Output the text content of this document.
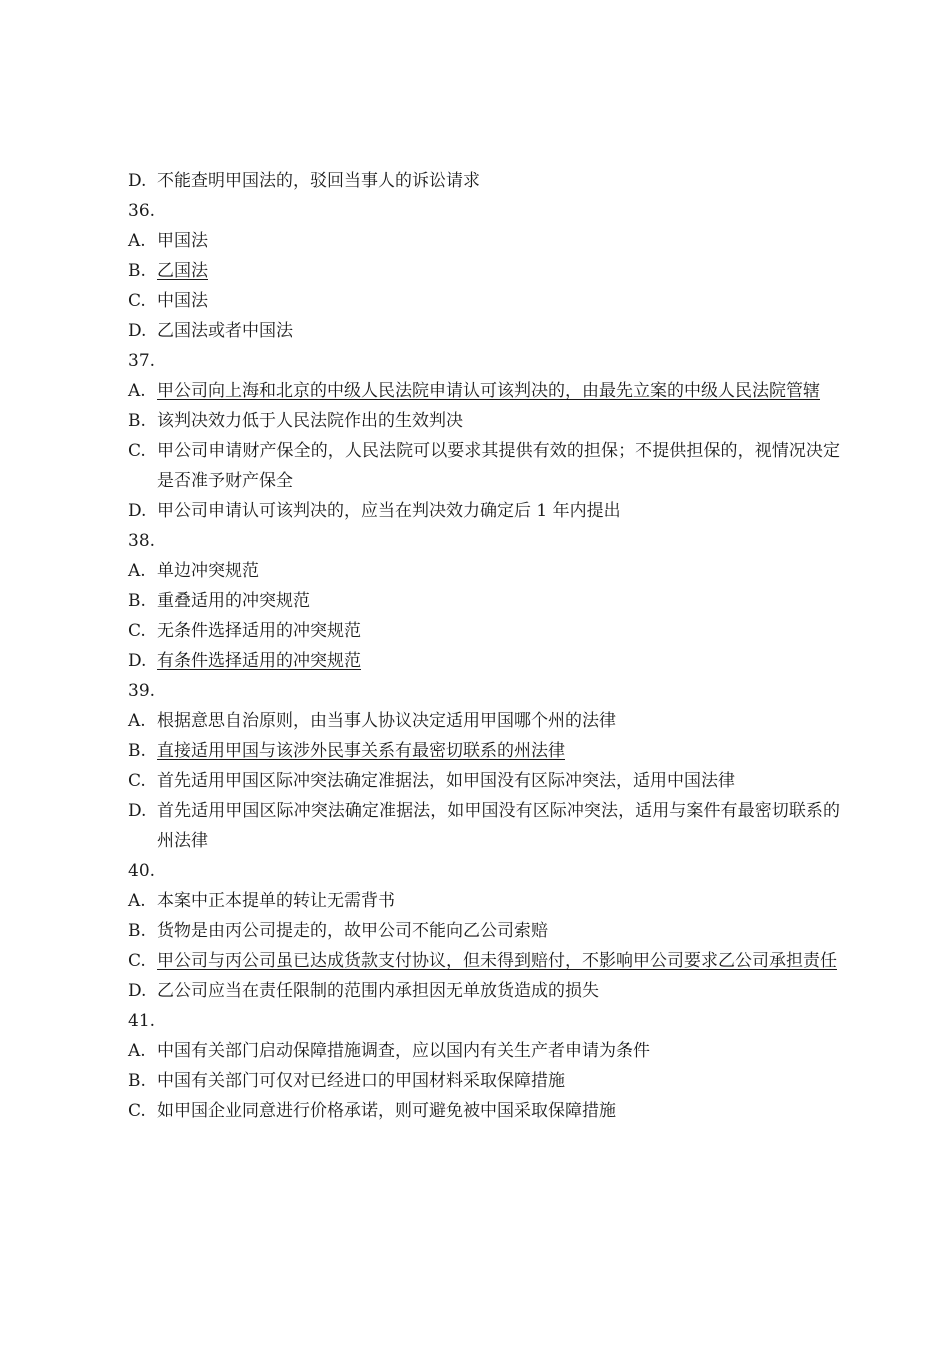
D. 不能查明甲国法的，驳回当事人的诉讼请求
36.
A. 甲国法
B. 乙国法
C. 中国法
D. 乙国法或者中国法
37.
A. 甲公司向上海和北京的中级人民法院申请认可该判决的，由最先立案的中级人民法院管辖
B. 该判决效力低于人民法院作出的生效判决
C. 甲公司申请财产保全的，人民法院可以要求其提供有效的担保；不提供担保的，视情况决定是否准予财产保全
D. 甲公司申请认可该判决的，应当在判决效力确定后 1 年内提出
38.
A. 单边冲突规范
B. 重叠适用的冲突规范
C. 无条件选择适用的冲突规范
D. 有条件选择适用的冲突规范
39.
A. 根据意思自治原则，由当事人协议决定适用甲国哪个州的法律
B. 直接适用甲国与该涉外民事关系有最密切联系的州法律
C. 首先适用甲国区际冲突法确定准据法，如甲国没有区际冲突法，适用中国法律
D. 首先适用甲国区际冲突法确定准据法，如甲国没有区际冲突法，适用与案件有最密切联系的州法律
40.
A. 本案中正本提单的转让无需背书
B. 货物是由丙公司提走的，故甲公司不能向乙公司索赔
C. 甲公司与丙公司虽已达成货款支付协议，但未得到赔付，不影响甲公司要求乙公司承担责任
D. 乙公司应当在责任限制的范围内承担因无单放货造成的损失
41.
A. 中国有关部门启动保障措施调查，应以国内有关生产者申请为条件
B. 中国有关部门可仅对已经进口的甲国材料采取保障措施
C. 如甲国企业同意进行价格承诺，则可避免被中国采取保障措施
